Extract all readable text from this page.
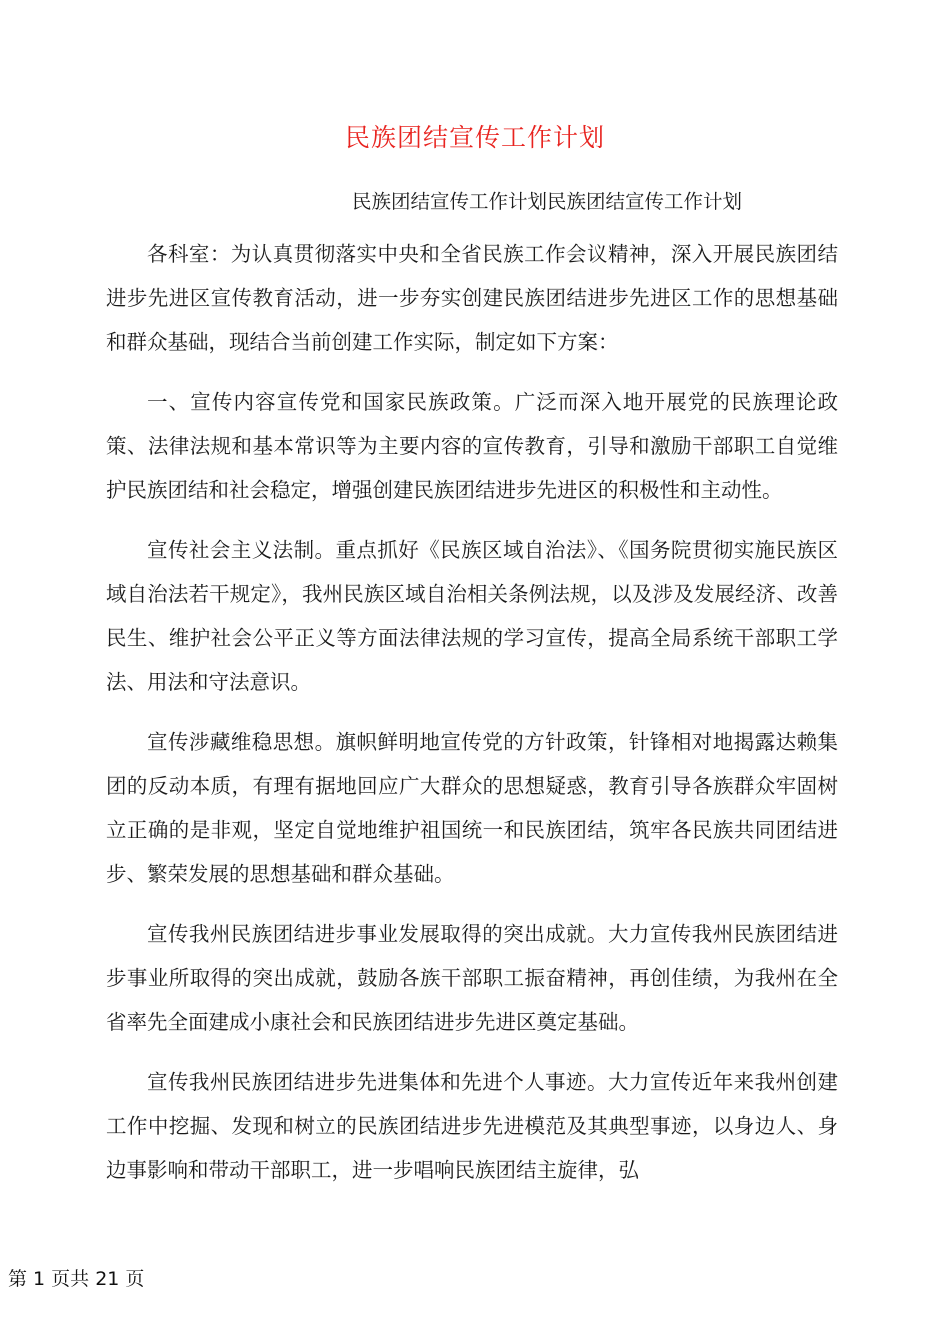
民族团结宣传工作计划
民族团结宣传工作计划民族团结宣传工作计划

各科室：为认真贯彻落实中央和全省民族工作会议精神，深入开展民族团结进步先进区宣传教育活动，进一步夯实创建民族团结进步先进区工作的思想基础和群众基础，现结合当前创建工作实际，制定如下方案：

一、宣传内容宣传党和国家民族政策。广泛而深入地开展党的民族理论政策、法律法规和基本常识等为主要内容的宣传教育，引导和激励干部职工自觉维护民族团结和社会稳定，增强创建民族团结进步先进区的积极性和主动性。

宣传社会主义法制。重点抓好《民族区域自治法》、《国务院贯彻实施民族区域自治法若干规定》，我州民族区域自治相关条例法规，以及涉及发展经济、改善民生、维护社会公平正义等方面法律法规的学习宣传，提高全局系统干部职工学法、用法和守法意识。

宣传涉藏维稳思想。旗帜鲜明地宣传党的方针政策，针锋相对地揭露达赖集团的反动本质，有理有据地回应广大群众的思想疑惑，教育引导各族群众牢固树立正确的是非观，坚定自觉地维护祖国统一和民族团结，筑牢各民族共同团结进步、繁荣发展的思想基础和群众基础。

宣传我州民族团结进步事业发展取得的突出成就。大力宣传我州民族团结进步事业所取得的突出成就，鼓励各族干部职工振奋精神，再创佳绩，为我州在全省率先全面建成小康社会和民族团结进步先进区奠定基础。

宣传我州民族团结进步先进集体和先进个人事迹。大力宣传近年来我州创建工作中挖掘、发现和树立的民族团结进步先进模范及其典型事迹，以身边人、身边事影响和带动干部职工，进一步唱响民族团结主旋律，弘

第 1 页共 21 页
